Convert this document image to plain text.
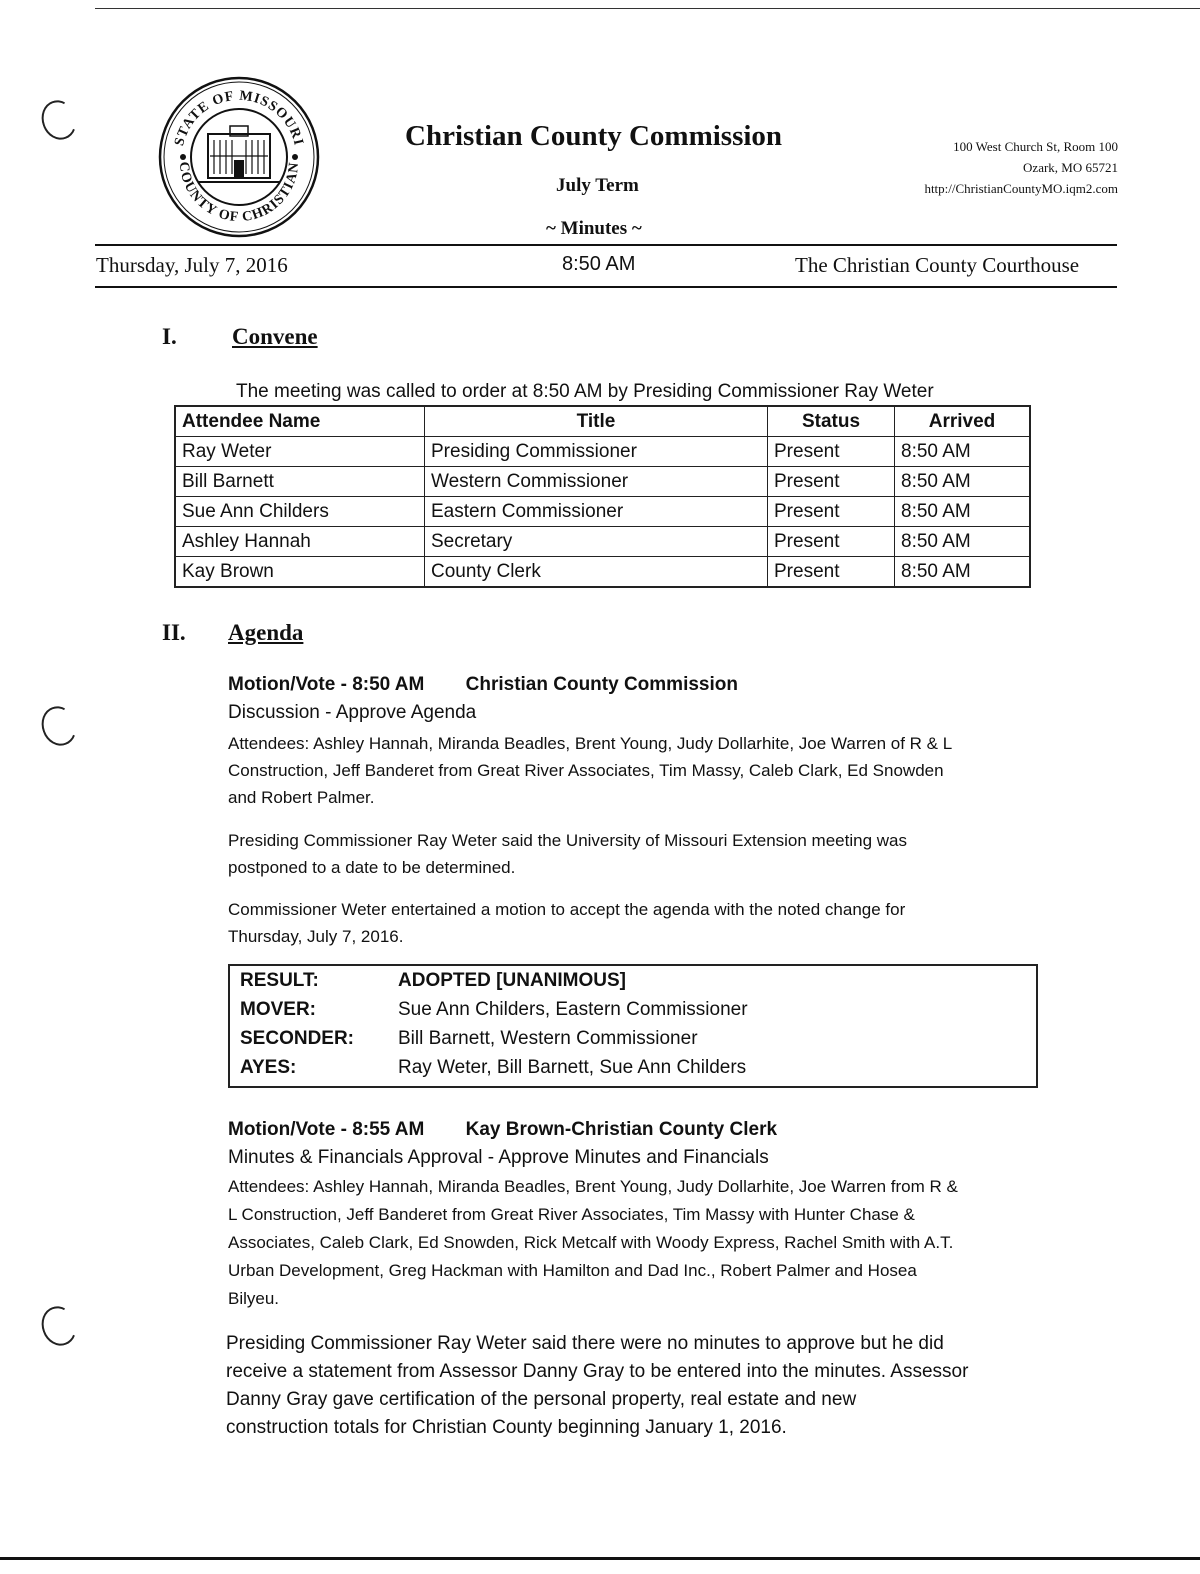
STATE OF MISSOURI
COUNTY OF CHRISTIAN
Christian County Commission
July Term
~ Minutes ~
100 West Church St, Room 100
Ozark, MO 65721
http://ChristianCountyMO.iqm2.com
Thursday, July 7, 2016	8:50 AM	The Christian County Courthouse
I. Convene
The meeting was called to order at 8:50 AM by Presiding Commissioner Ray Weter
Attendee Name	Title	Status	Arrived
Ray Weter	Presiding Commissioner	Present	8:50 AM
Bill Barnett	Western Commissioner	Present	8:50 AM
Sue Ann Childers	Eastern Commissioner	Present	8:50 AM
Ashley Hannah	Secretary	Present	8:50 AM
Kay Brown	County Clerk	Present	8:50 AM
II. Agenda
Motion/Vote - 8:50 AM Christian County Commission
Discussion - Approve Agenda
Attendees: Ashley Hannah, Miranda Beadles, Brent Young, Judy Dollarhite, Joe Warren of R & L
Construction, Jeff Banderet from Great River Associates, Tim Massy, Caleb Clark, Ed Snowden
and Robert Palmer.
Presiding Commissioner Ray Weter said the University of Missouri Extension meeting was
postponed to a date to be determined.
Commissioner Weter entertained a motion to accept the agenda with the noted change for
Thursday, July 7, 2016.
RESULT:	ADOPTED [UNANIMOUS]
MOVER:	Sue Ann Childers, Eastern Commissioner
SECONDER:	Bill Barnett, Western Commissioner
AYES:	Ray Weter, Bill Barnett, Sue Ann Childers
Motion/Vote - 8:55 AM Kay Brown-Christian County Clerk
Minutes & Financials Approval - Approve Minutes and Financials
Attendees: Ashley Hannah, Miranda Beadles, Brent Young, Judy Dollarhite, Joe Warren from R &
L Construction, Jeff Banderet from Great River Associates, Tim Massy with Hunter Chase &
Associates, Caleb Clark, Ed Snowden, Rick Metcalf with Woody Express, Rachel Smith with A.T.
Urban Development, Greg Hackman with Hamilton and Dad Inc., Robert Palmer and Hosea
Bilyeu.
Presiding Commissioner Ray Weter said there were no minutes to approve but he did
receive a statement from Assessor Danny Gray to be entered into the minutes. Assessor
Danny Gray gave certification of the personal property, real estate and new
construction totals for Christian County beginning January 1, 2016.
